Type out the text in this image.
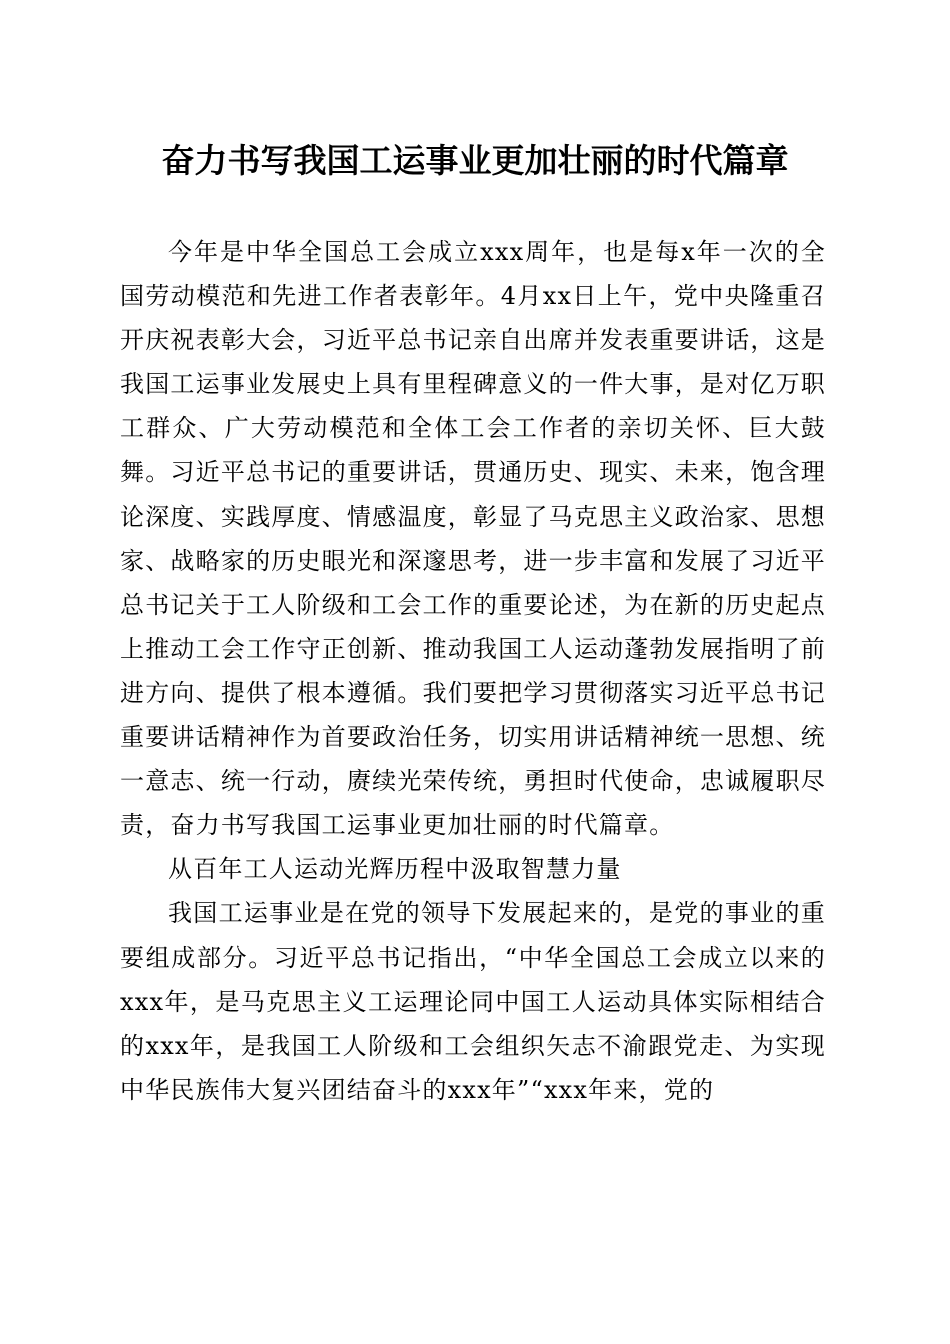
奋力书写我国工运事业更加壮丽的时代篇章

今年是中华全国总工会成立xxx周年，也是每x年一次的全国劳动模范和先进工作者表彰年。4月xx日上午，党中央隆重召开庆祝表彰大会，习近平总书记亲自出席并发表重要讲话，这是我国工运事业发展史上具有里程碑意义的一件大事，是对亿万职工群众、广大劳动模范和全体工会工作者的亲切关怀、巨大鼓舞。习近平总书记的重要讲话，贯通历史、现实、未来，饱含理论深度、实践厚度、情感温度，彰显了马克思主义政治家、思想家、战略家的历史眼光和深邃思考，进一步丰富和发展了习近平总书记关于工人阶级和工会工作的重要论述，为在新的历史起点上推动工会工作守正创新、推动我国工人运动蓬勃发展指明了前进方向、提供了根本遵循。我们要把学习贯彻落实习近平总书记重要讲话精神作为首要政治任务，切实用讲话精神统一思想、统一意志、统一行动，赓续光荣传统，勇担时代使命，忠诚履职尽责，奋力书写我国工运事业更加壮丽的时代篇章。

从百年工人运动光辉历程中汲取智慧力量

我国工运事业是在党的领导下发展起来的，是党的事业的重要组成部分。习近平总书记指出，“中华全国总工会成立以来的xxx年，是马克思主义工运理论同中国工人运动具体实际相结合的xxx年，是我国工人阶级和工会组织矢志不渝跟党走、为实现中华民族伟大复兴团结奋斗的xxx年”“xxx年来，党的
